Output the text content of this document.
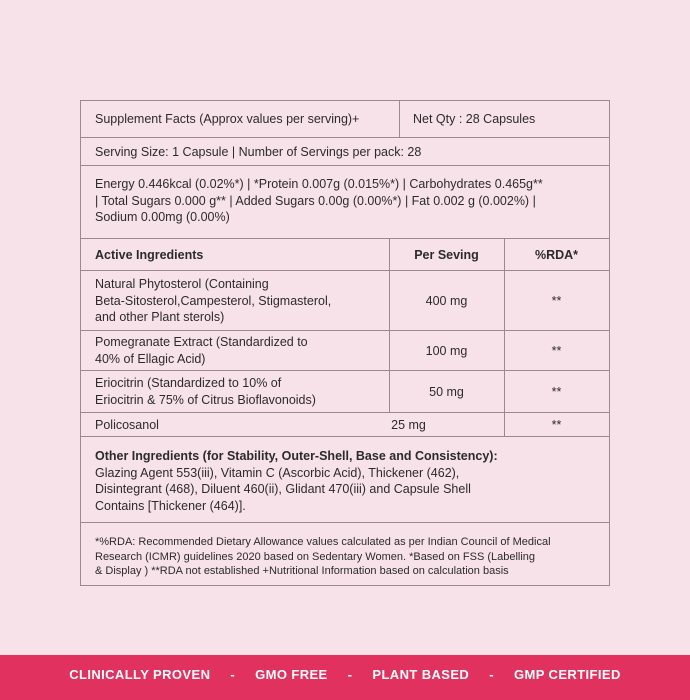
Supplement Facts (Approx values per serving)+	Net Qty : 28 Capsules
Serving Size: 1 Capsule | Number of Servings per pack: 28
Energy 0.446kcal (0.02%*) | *Protein 0.007g (0.015%*) | Carbohydrates 0.465g**
| Total Sugars 0.000 g** | Added Sugars 0.00g (0.00%*) | Fat 0.002 g (0.002%) |
Sodium 0.00mg (0.00%)
Active Ingredients	Per Seving	%RDA*
Natural Phytosterol (Containing
Beta-Sitosterol,Campesterol, Stigmasterol,
and other Plant sterols)
400 mg	**
Pomegranate Extract (Standardized to
40% of Ellagic Acid)
100 mg	**
Eriocitrin (Standardized to 10% of
Eriocitrin & 75% of Citrus Bioflavonoids)
50 mg	**
Policosanol	25 mg	**
Other Ingredients (for Stability, Outer-Shell, Base and Consistency):
Glazing Agent 553(iii), Vitamin C (Ascorbic Acid), Thickener (462),
Disintegrant (468), Diluent 460(ii), Glidant 470(iii) and Capsule Shell
Contains [Thickener (464)].
*%RDA: Recommended Dietary Allowance values calculated as per Indian Council of Medical
Research (ICMR) guidelines 2020 based on Sedentary Women. *Based on FSS (Labelling
& Display ) **RDA not established +Nutritional Information based on calculation basis
CLINICALLY PROVEN - GMO FREE - PLANT BASED - GMP CERTIFIED
